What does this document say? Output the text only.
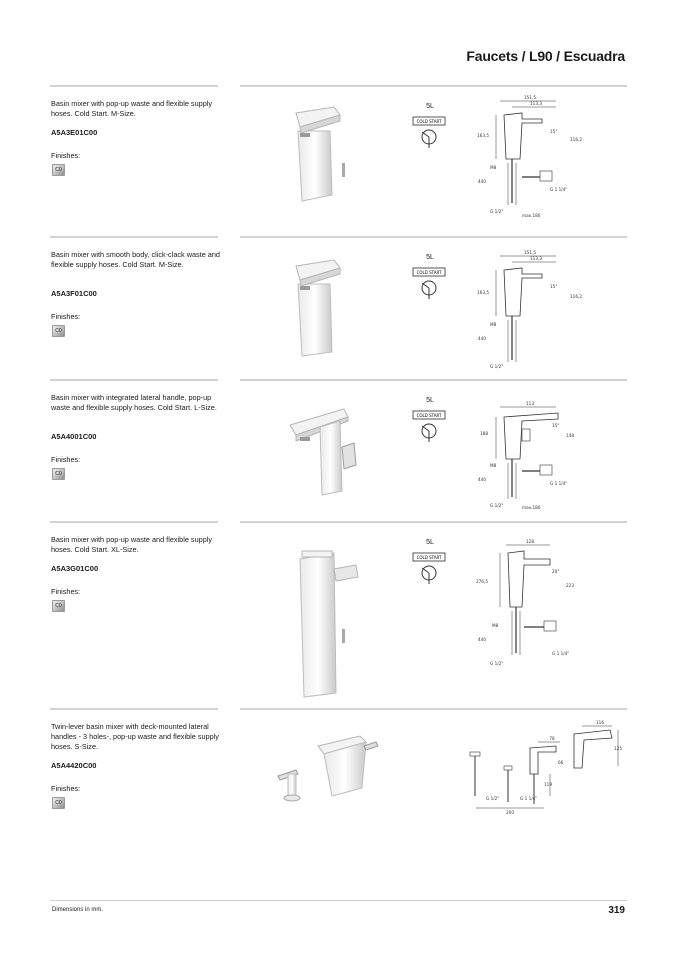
Faucets / L90 / Escuadra
Basin mixer with pop-up waste and flexible supply hoses. Cold Start. M-Size.
A5A3E01C00
Finishes:
C0
5L
COLD START
151,5
113,3
163,5
116,2
15°
M8
440
G 1/2"
G 1 1/4"
max.180
Basin mixer with smooth body, click-clack waste and flexible supply hoses. Cold Start. M-Size.
A5A3F01C00
Finishes:
C0
5L
COLD START
151,5
113,3
163,5
116,2
15°
M8
440
G 1/2"
Basin mixer with integrated lateral handle, pop-up waste and flexible supply hoses. Cold Start. L-Size.
A5A4001C00
Finishes:
C0
5L
COLD START
113
188	148
15°
M8
440
G 1/2"
G 1 1/4"
max.180
Basin mixer with pop-up waste and flexible supply hoses. Cold Start. XL-Size.
A5A3G01C00
Finishes:
C0
5L
COLD START
128
276,5
223
20°
M8
440
G 1/2"
G 1 1/4"
Twin-lever basin mixer with deck-mounted lateral handles - 3 holes-, pop-up waste and flexible supply hoses. S-Size.
A5A4420C00
Finishes:
C0
116
125
78
66
119
200
G 1/2"	G 1 1/4"
Dimensions in mm.	319
